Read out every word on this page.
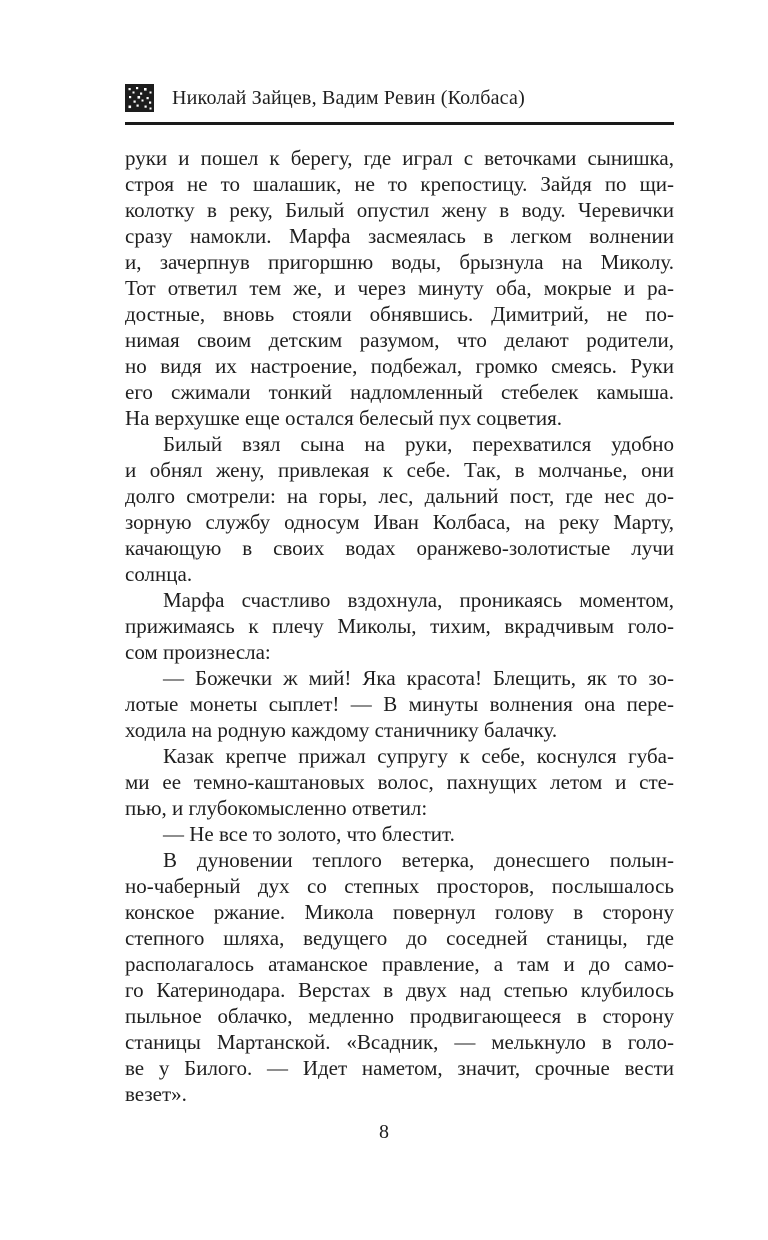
Николай Зайцев, Вадим Ревин (Колбаса)
руки и пошел к берегу, где играл с веточками сынишка,
строя не то шалашик, не то крепостицу. Зайдя по щи-
колотку в реку, Билый опустил жену в воду. Черевички
сразу намокли. Марфа засмеялась в легком волнении
и, зачерпнув пригоршню воды, брызнула на Миколу.
Тот ответил тем же, и через минуту оба, мокрые и ра-
достные, вновь стояли обнявшись. Димитрий, не по-
нимая своим детским разумом, что делают родители,
но видя их настроение, подбежал, громко смеясь. Руки
его сжимали тонкий надломленный стебелек камыша.
На верхушке еще остался белесый пух соцветия.
Билый взял сына на руки, перехватился удобно
и обнял жену, привлекая к себе. Так, в молчанье, они
долго смотрели: на горы, лес, дальний пост, где нес до-
зорную службу односум Иван Колбаса, на реку Марту,
качающую в своих водах оранжево-золотистые лучи
солнца.
Марфа счастливо вздохнула, проникаясь моментом,
прижимаясь к плечу Миколы, тихим, вкрадчивым голо-
сом произнесла:
— Божечки ж мий! Яка красота! Блещить, як то зо-
лотые монеты сыплет! — В минуты волнения она пере-
ходила на родную каждому станичнику балачку.
Казак крепче прижал супругу к себе, коснулся губа-
ми ее темно-каштановых волос, пахнущих летом и сте-
пью, и глубокомысленно ответил:
— Не все то золото, что блестит.
В дуновении теплого ветерка, донесшего полын-
но-чаберный дух со степных просторов, послышалось
конское ржание. Микола повернул голову в сторону
степного шляха, ведущего до соседней станицы, где
располагалось атаманское правление, а там и до само-
го Катеринодара. Верстах в двух над степью клубилось
пыльное облачко, медленно продвигающееся в сторону
станицы Мартанской. «Всадник, — мелькнуло в голо-
ве у Билого. — Идет наметом, значит, срочные вести
везет».
8
